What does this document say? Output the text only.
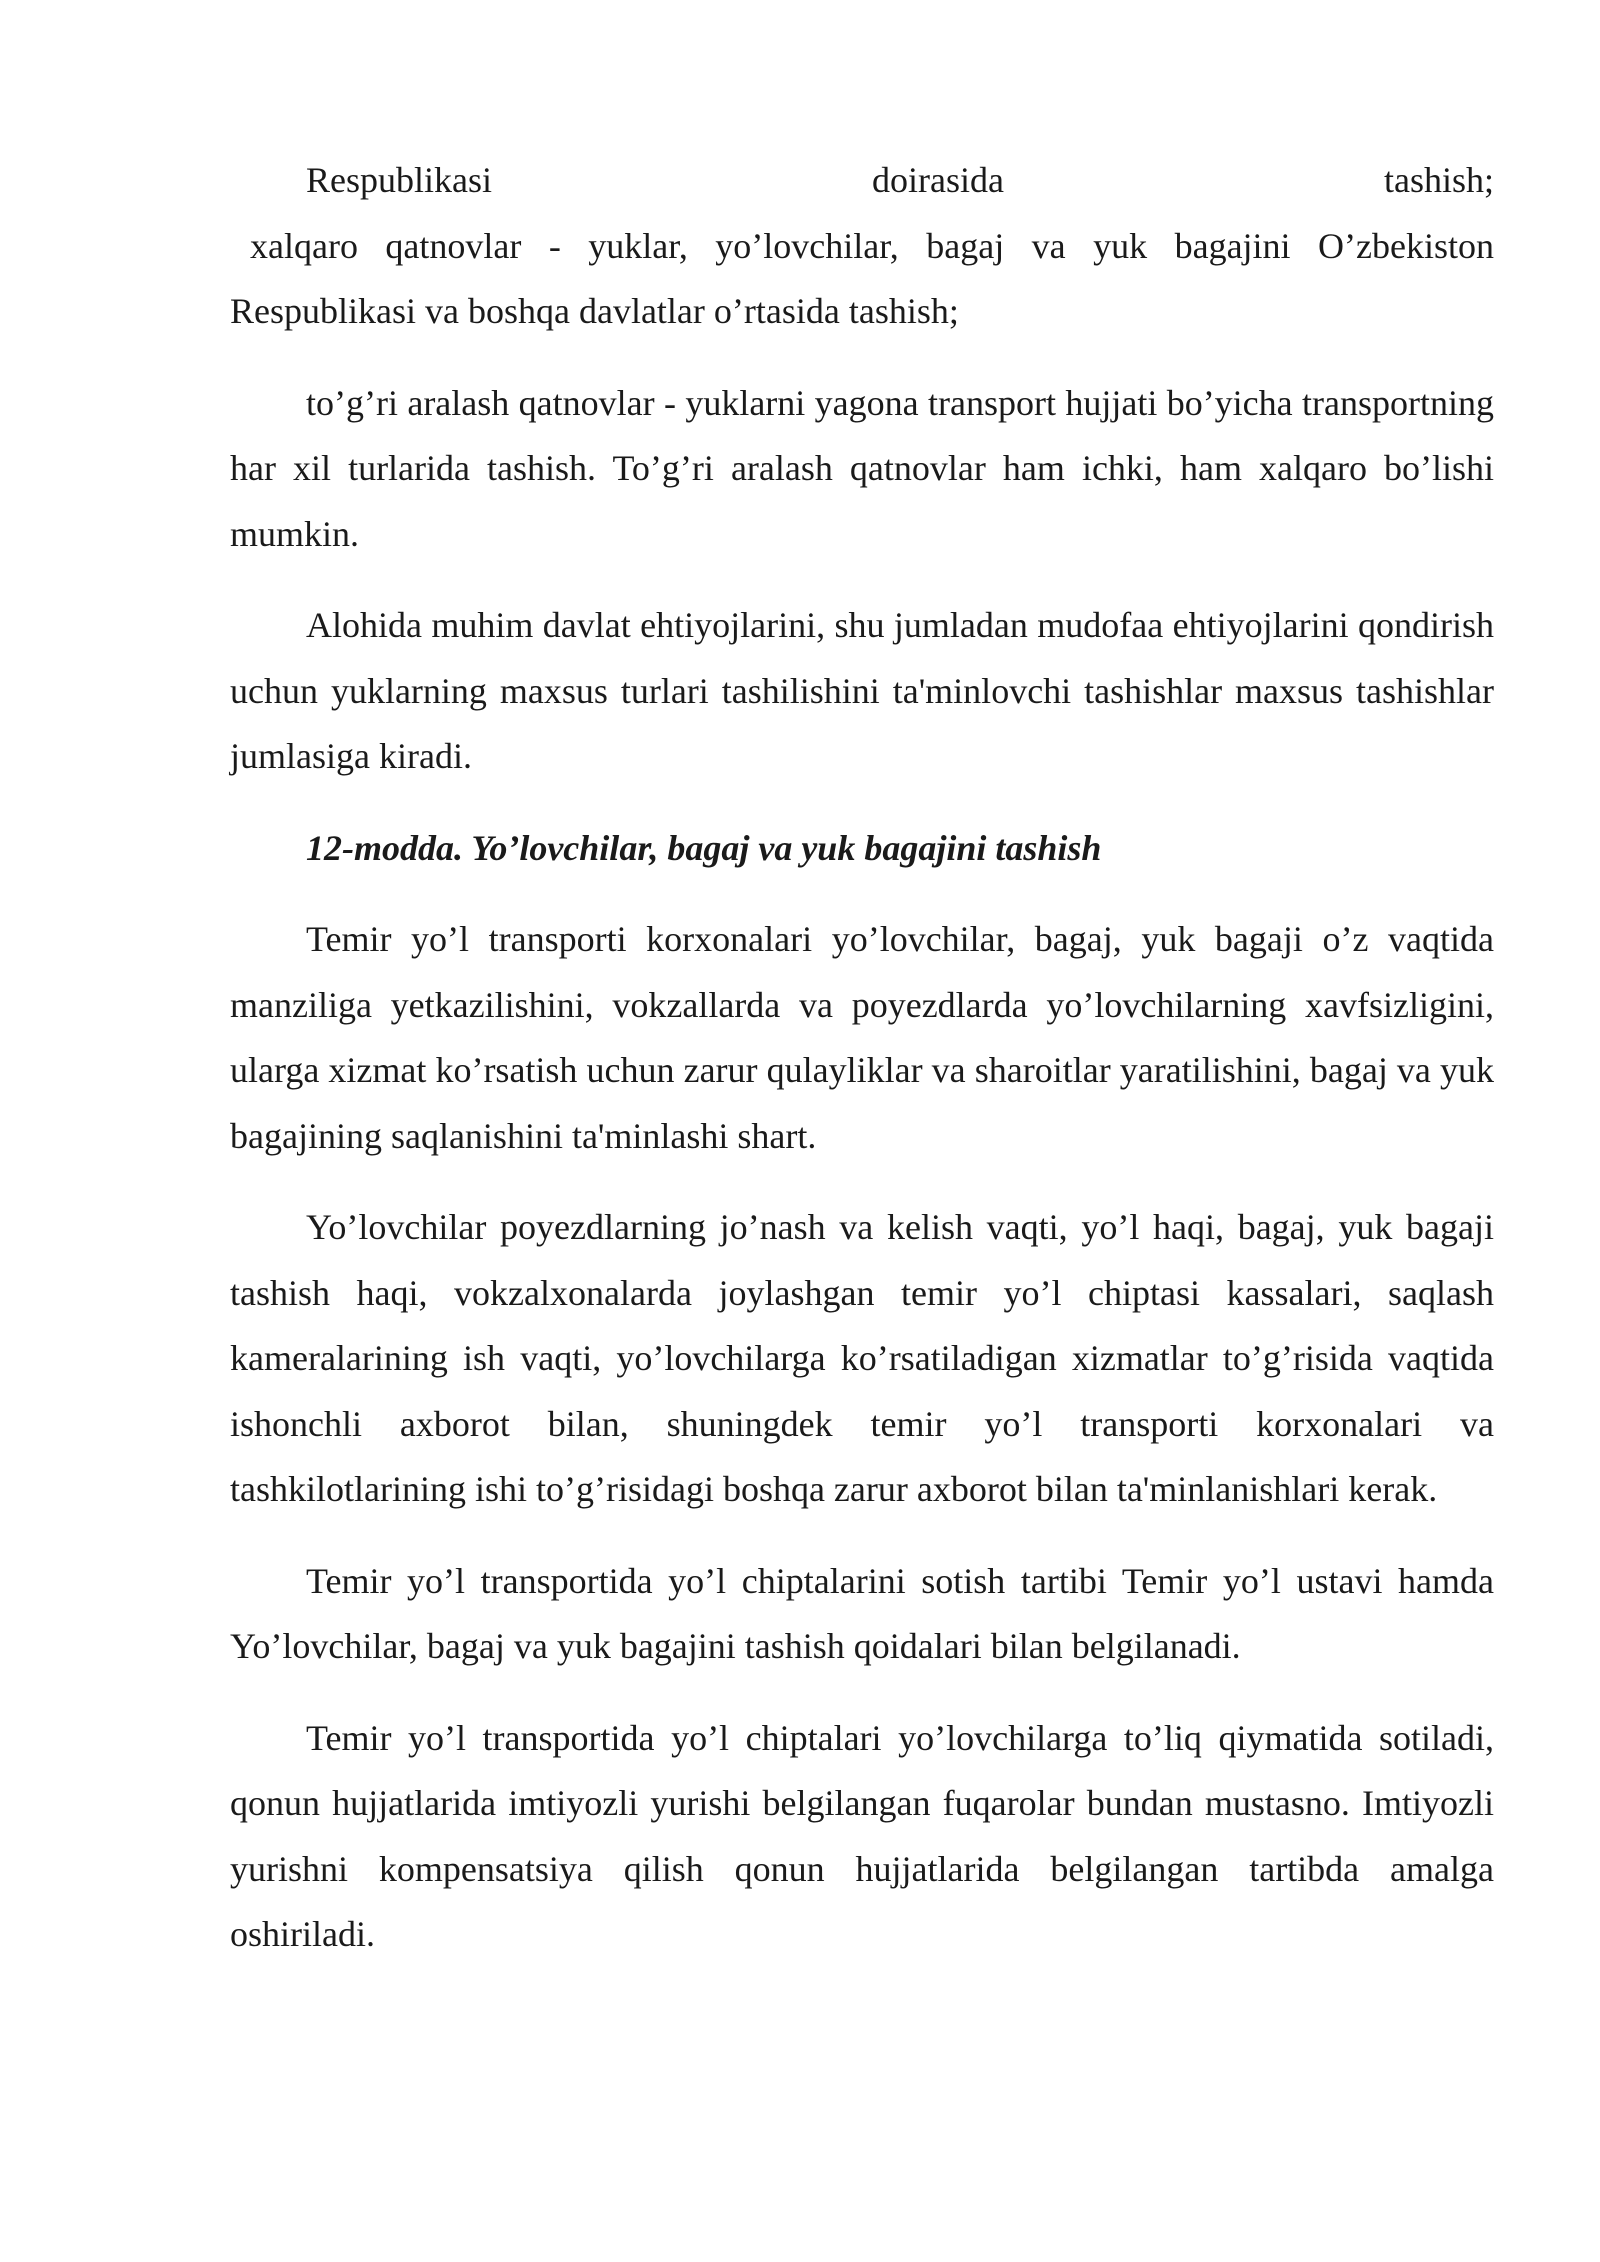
Respublikasi	doirasida	tashish;

xalqaro qatnovlar - yuklar, yo’lovchilar, bagaj va yuk bagajini O’zbekiston Respublikasi va boshqa davlatlar o’rtasida tashish;

to’g’ri aralash qatnovlar - yuklarni yagona transport hujjati bo’yicha transportning har xil turlarida tashish. To’g’ri aralash qatnovlar ham ichki, ham xalqaro bo’lishi mumkin.

Alohida muhim davlat ehtiyojlarini, shu jumladan mudofaa ehtiyojlarini qondirish uchun yuklarning maxsus turlari tashilishini ta'minlovchi tashishlar maxsus tashishlar jumlasiga kiradi.

12-modda. Yo’lovchilar, bagaj va yuk bagajini tashish

Temir yo’l transporti korxonalari yo’lovchilar, bagaj, yuk bagaji o’z vaqtida manziliga yetkazilishini, vokzallarda va poyezdlarda yo’lovchilarning xavfsizligini, ularga xizmat ko’rsatish uchun zarur qulayliklar va sharoitlar yaratilishini, bagaj va yuk bagajining saqlanishini ta'minlashi shart.

Yo’lovchilar poyezdlarning jo’nash va kelish vaqti, yo’l haqi, bagaj, yuk bagaji tashish haqi, vokzalxonalarda joylashgan temir yo’l chiptasi kassalari, saqlash kameralarining ish vaqti, yo’lovchilarga ko’rsatiladigan xizmatlar to’g’risida vaqtida ishonchli axborot bilan, shuningdek temir yo’l transporti korxonalari va tashkilotlarining ishi to’g’risidagi boshqa zarur axborot bilan ta'minlanishlari kerak.

Temir yo’l transportida yo’l chiptalarini sotish tartibi Temir yo’l ustavi hamda Yo’lovchilar, bagaj va yuk bagajini tashish qoidalari bilan belgilanadi.

Temir yo’l transportida yo’l chiptalari yo’lovchilarga to’liq qiymatida sotiladi, qonun hujjatlarida imtiyozli yurishi belgilangan fuqarolar bundan mustasno. Imtiyozli yurishni kompensatsiya qilish qonun hujjatlarida belgilangan tartibda amalga oshiriladi.
